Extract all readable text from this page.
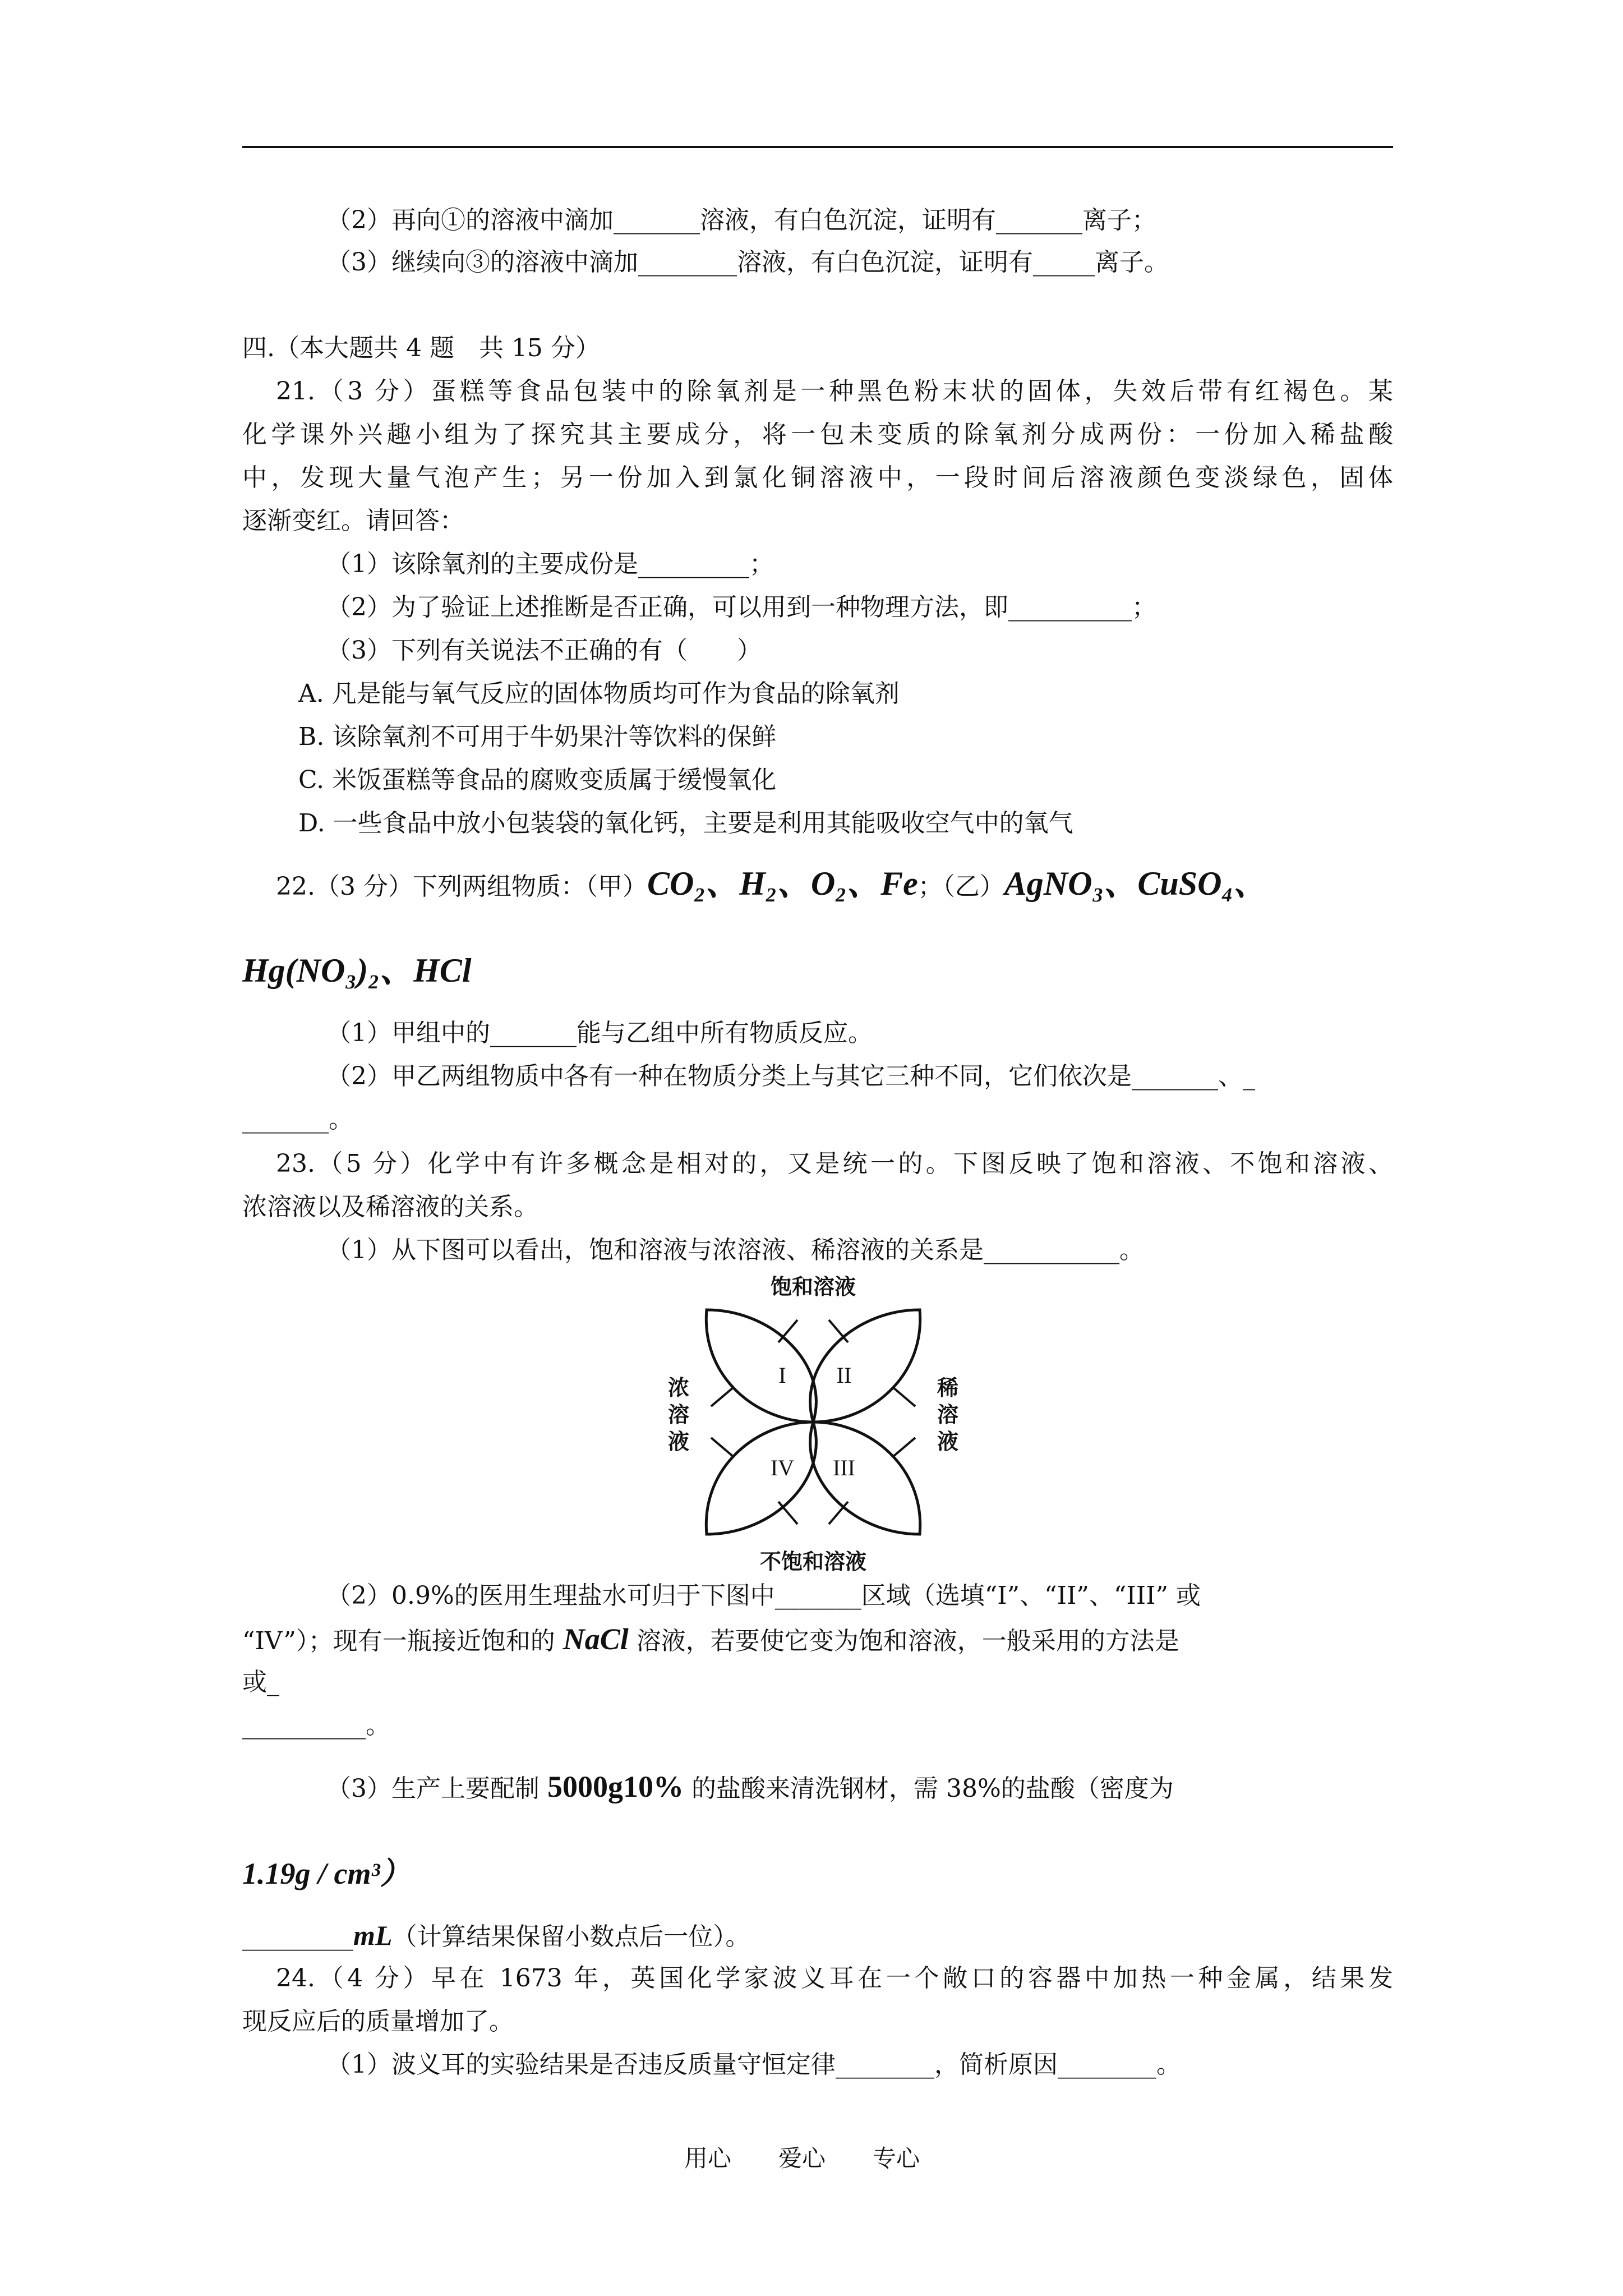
（2）再向①的溶液中滴加_______溶液，有白色沉淀，证明有_______离子；
（3）继续向③的溶液中滴加________溶液，有白色沉淀，证明有_____离子。
四.（本大题共 4 题　共 15 分）
21.（3 分）蛋糕等食品包装中的除氧剂是一种黑色粉末状的固体，失效后带有红褐色。某
化学课外兴趣小组为了探究其主要成分，将一包未变质的除氧剂分成两份：一份加入稀盐酸
中，发现大量气泡产生；另一份加入到氯化铜溶液中，一段时间后溶液颜色变淡绿色，固体
逐渐变红。请回答：
（1）该除氧剂的主要成份是_________；
（2）为了验证上述推断是否正确，可以用到一种物理方法，即__________；
（3）下列有关说法不正确的有（　　）
A. 凡是能与氧气反应的固体物质均可作为食品的除氧剂
B. 该除氧剂不可用于牛奶果汁等饮料的保鲜
C. 米饭蛋糕等食品的腐败变质属于缓慢氧化
D. 一些食品中放小包装袋的氧化钙，主要是利用其能吸收空气中的氧气
22.（3 分）下列两组物质：（甲）CO₂、H₂、O₂、Fe；（乙）AgNO₃、CuSO₄、
Hg(NO₃)₂、HCl
（1）甲组中的_______能与乙组中所有物质反应。
（2）甲乙两组物质中各有一种在物质分类上与其它三种不同，它们依次是_______、_
_______。
23.（5 分）化学中有许多概念是相对的，又是统一的。下图反映了饱和溶液、不饱和溶液、
浓溶液以及稀溶液的关系。
（1）从下图可以看出，饱和溶液与浓溶液、稀溶液的关系是___________。
饱和溶液
不饱和溶液
浓
溶
液
稀
溶
液
I II
III
IV
（2）0.9%的医用生理盐水可归于下图中_______区域（选填“I”、“II”、“III” 或
“IV”）；现有一瓶接近饱和的 NaCl 溶液，若要使它变为饱和溶液，一般采用的方法是
或_
__________。
（3）生产上要配制 5000g10% 的盐酸来清洗钢材，需 38%的盐酸（密度为
1.19g / cm³）
_________mL（计算结果保留小数点后一位）。
24.（4 分）早在 1673 年，英国化学家波义耳在一个敞口的容器中加热一种金属，结果发
现反应后的质量增加了。
（1）波义耳的实验结果是否违反质量守恒定律________，简析原因________。
用心　　爱心　　专心
